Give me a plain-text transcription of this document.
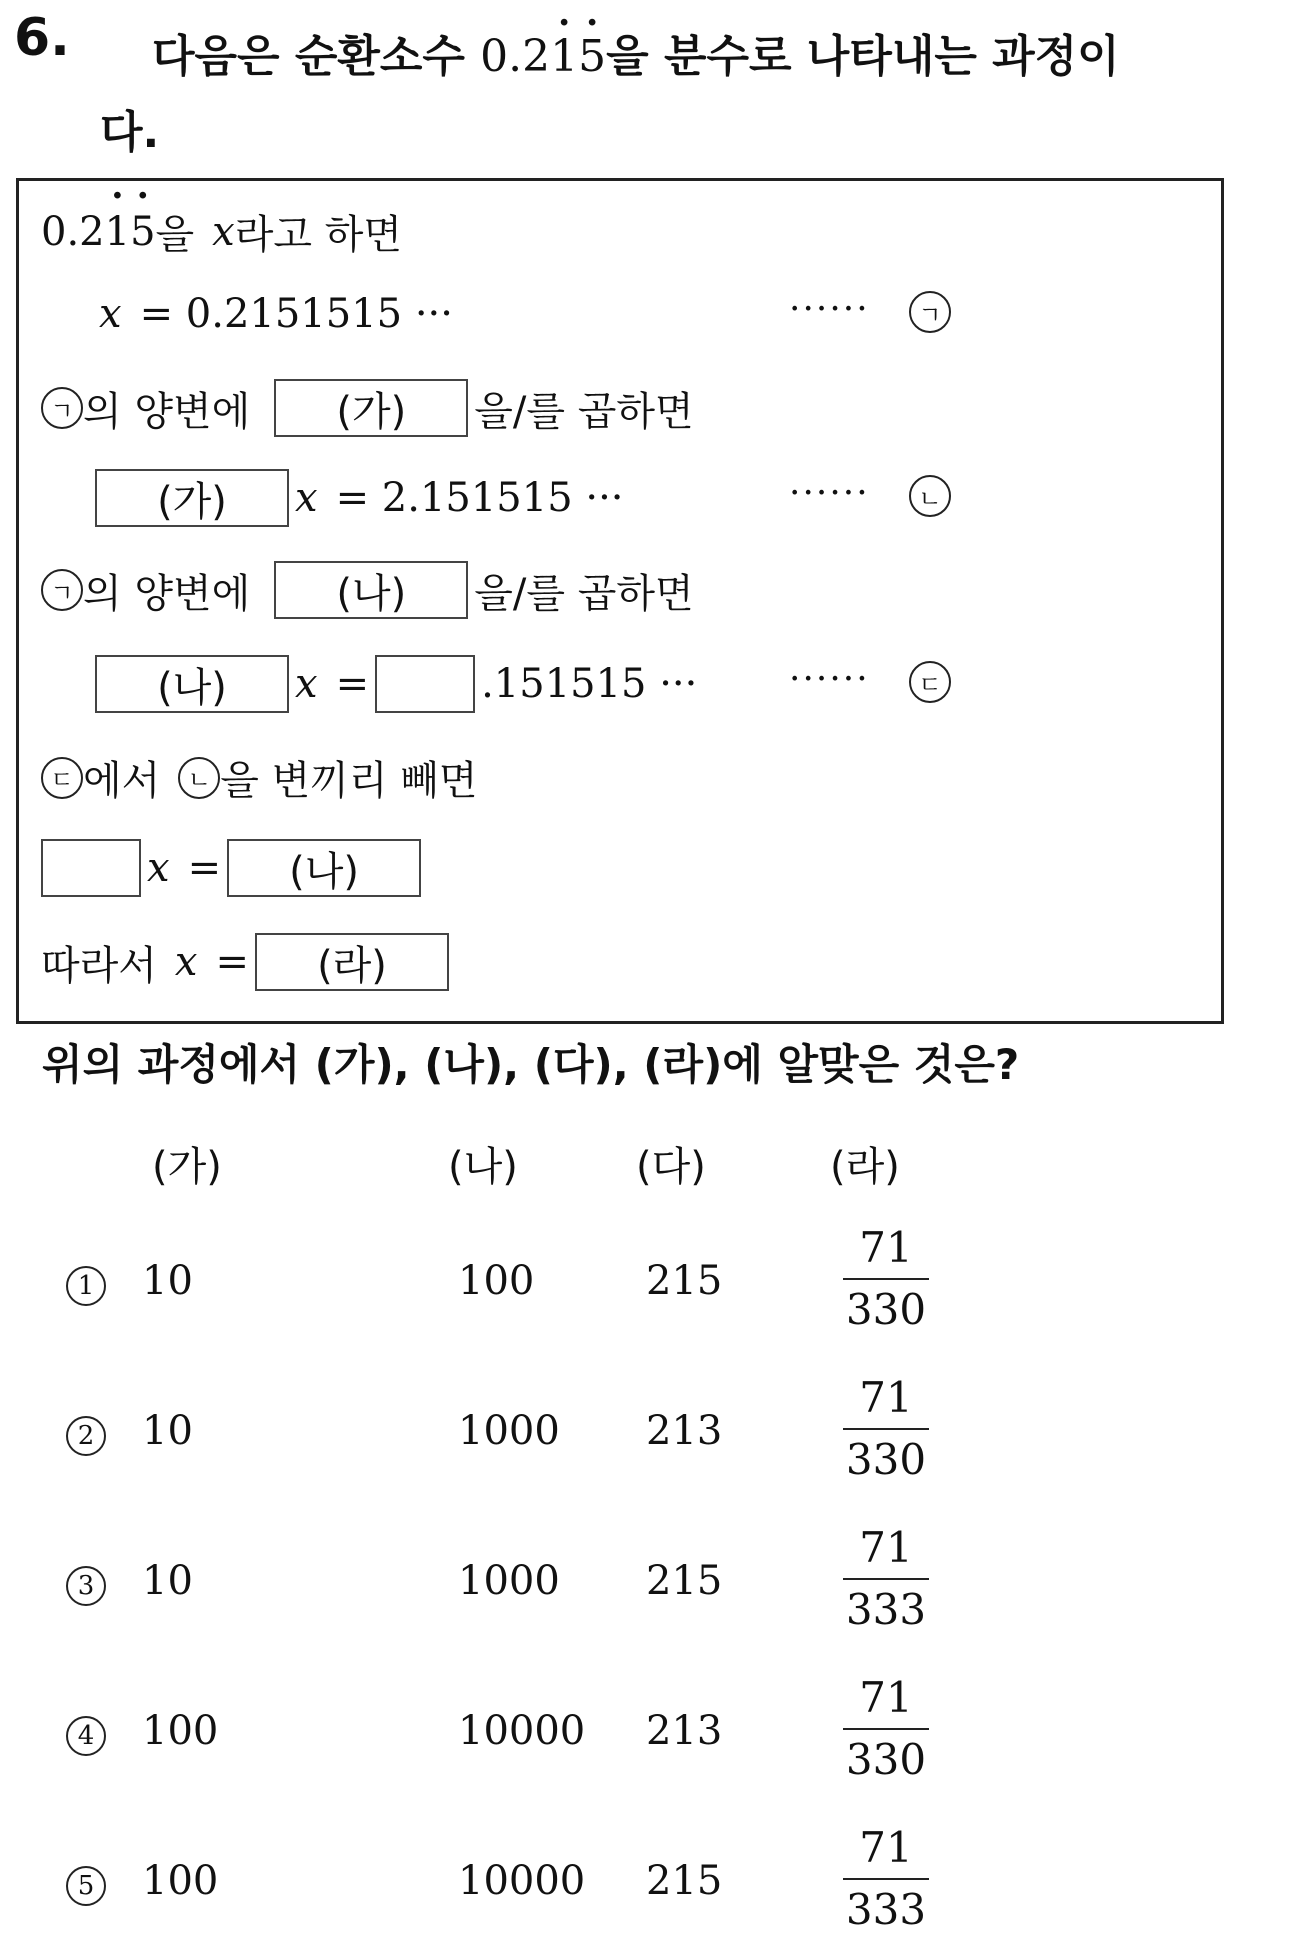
6. 다음은 순환소수 0.2· 1· 5을 분수로 나타내는 과정이
다.
0.2 · 1 · 5 을 x 라고 하면
x = 0.2151515 ···	······	ㄱ
ㄱ 의 양변에	(가)	을/를 곱하면
(가)	x = 2.151515 ···	······	ㄴ
ㄱ 의 양변에	(나)	을/를 곱하면
(나)	x =	.151515 ···	······	ㄷ
ㄷ 에서	ㄴ 을 변끼리 빼면
x =	(나)
따라서 x =	(라)
위의 과정에서 (가), (나), (다), (라)에 알맞은 것은?
(가)	(나)	(다)	(라)
1 10	100	215
71
330
2 10	1000 213
71
330
3 10	1000 215
71
333
4 100	10000 213
71
330
5 100	10000 215
71
333
